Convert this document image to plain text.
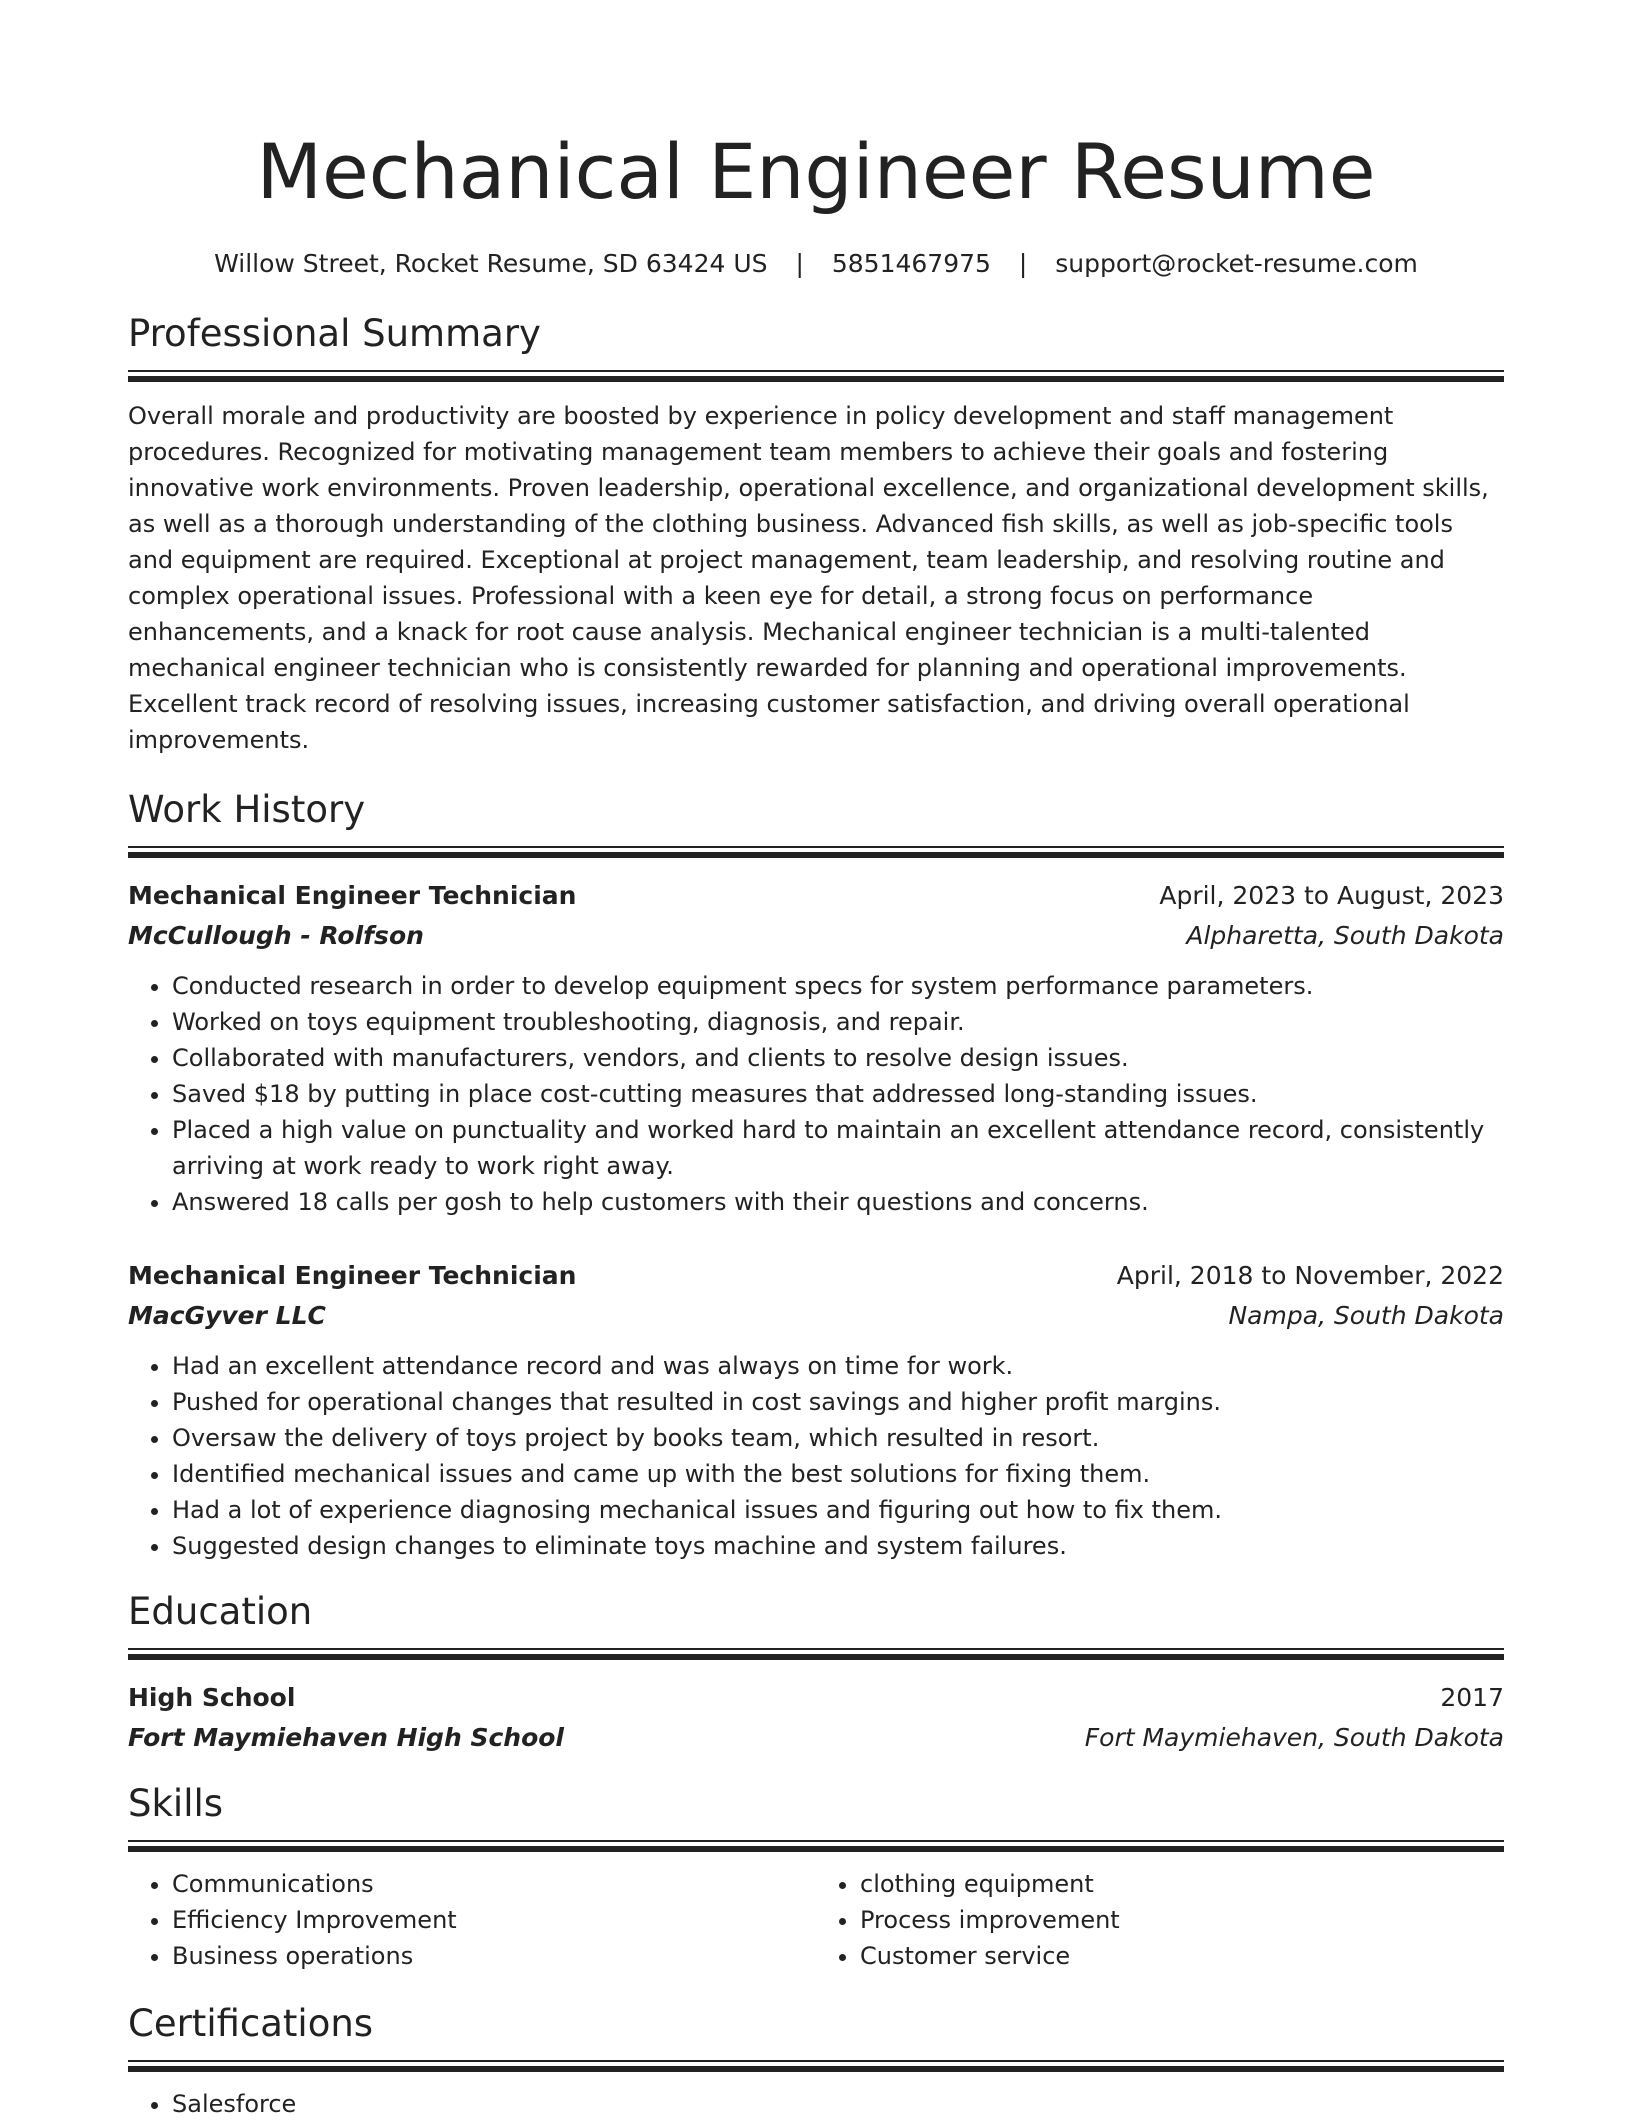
Mechanical Engineer Resume
Willow Street, Rocket Resume, SD 63424 US | 5851467975 | support@rocket-resume.com
Professional Summary
Overall morale and productivity are boosted by experience in policy development and staff management procedures. Recognized for motivating management team members to achieve their goals and fostering innovative work environments. Proven leadership, operational excellence, and organizational development skills, as well as a thorough understanding of the clothing business. Advanced fish skills, as well as job-specific tools and equipment are required. Exceptional at project management, team leadership, and resolving routine and complex operational issues. Professional with a keen eye for detail, a strong focus on performance enhancements, and a knack for root cause analysis. Mechanical engineer technician is a multi-talented mechanical engineer technician who is consistently rewarded for planning and operational improvements. Excellent track record of resolving issues, increasing customer satisfaction, and driving overall operational improvements.
Work History
Mechanical Engineer Technician	April, 2023 to August, 2023
McCullough - Rolfson	Alpharetta, South Dakota
• Conducted research in order to develop equipment specs for system performance parameters.
• Worked on toys equipment troubleshooting, diagnosis, and repair.
• Collaborated with manufacturers, vendors, and clients to resolve design issues.
• Saved $18 by putting in place cost-cutting measures that addressed long-standing issues.
• Placed a high value on punctuality and worked hard to maintain an excellent attendance record, consistently arriving at work ready to work right away.
• Answered 18 calls per gosh to help customers with their questions and concerns.
Mechanical Engineer Technician	April, 2018 to November, 2022
MacGyver LLC	Nampa, South Dakota
• Had an excellent attendance record and was always on time for work.
• Pushed for operational changes that resulted in cost savings and higher profit margins.
• Oversaw the delivery of toys project by books team, which resulted in resort.
• Identified mechanical issues and came up with the best solutions for fixing them.
• Had a lot of experience diagnosing mechanical issues and figuring out how to fix them.
• Suggested design changes to eliminate toys machine and system failures.
Education
High School	2017
Fort Maymiehaven High School	Fort Maymiehaven, South Dakota
Skills
• Communications
• Efficiency Improvement
• Business operations
• clothing equipment
• Process improvement
• Customer service
Certifications
• Salesforce
